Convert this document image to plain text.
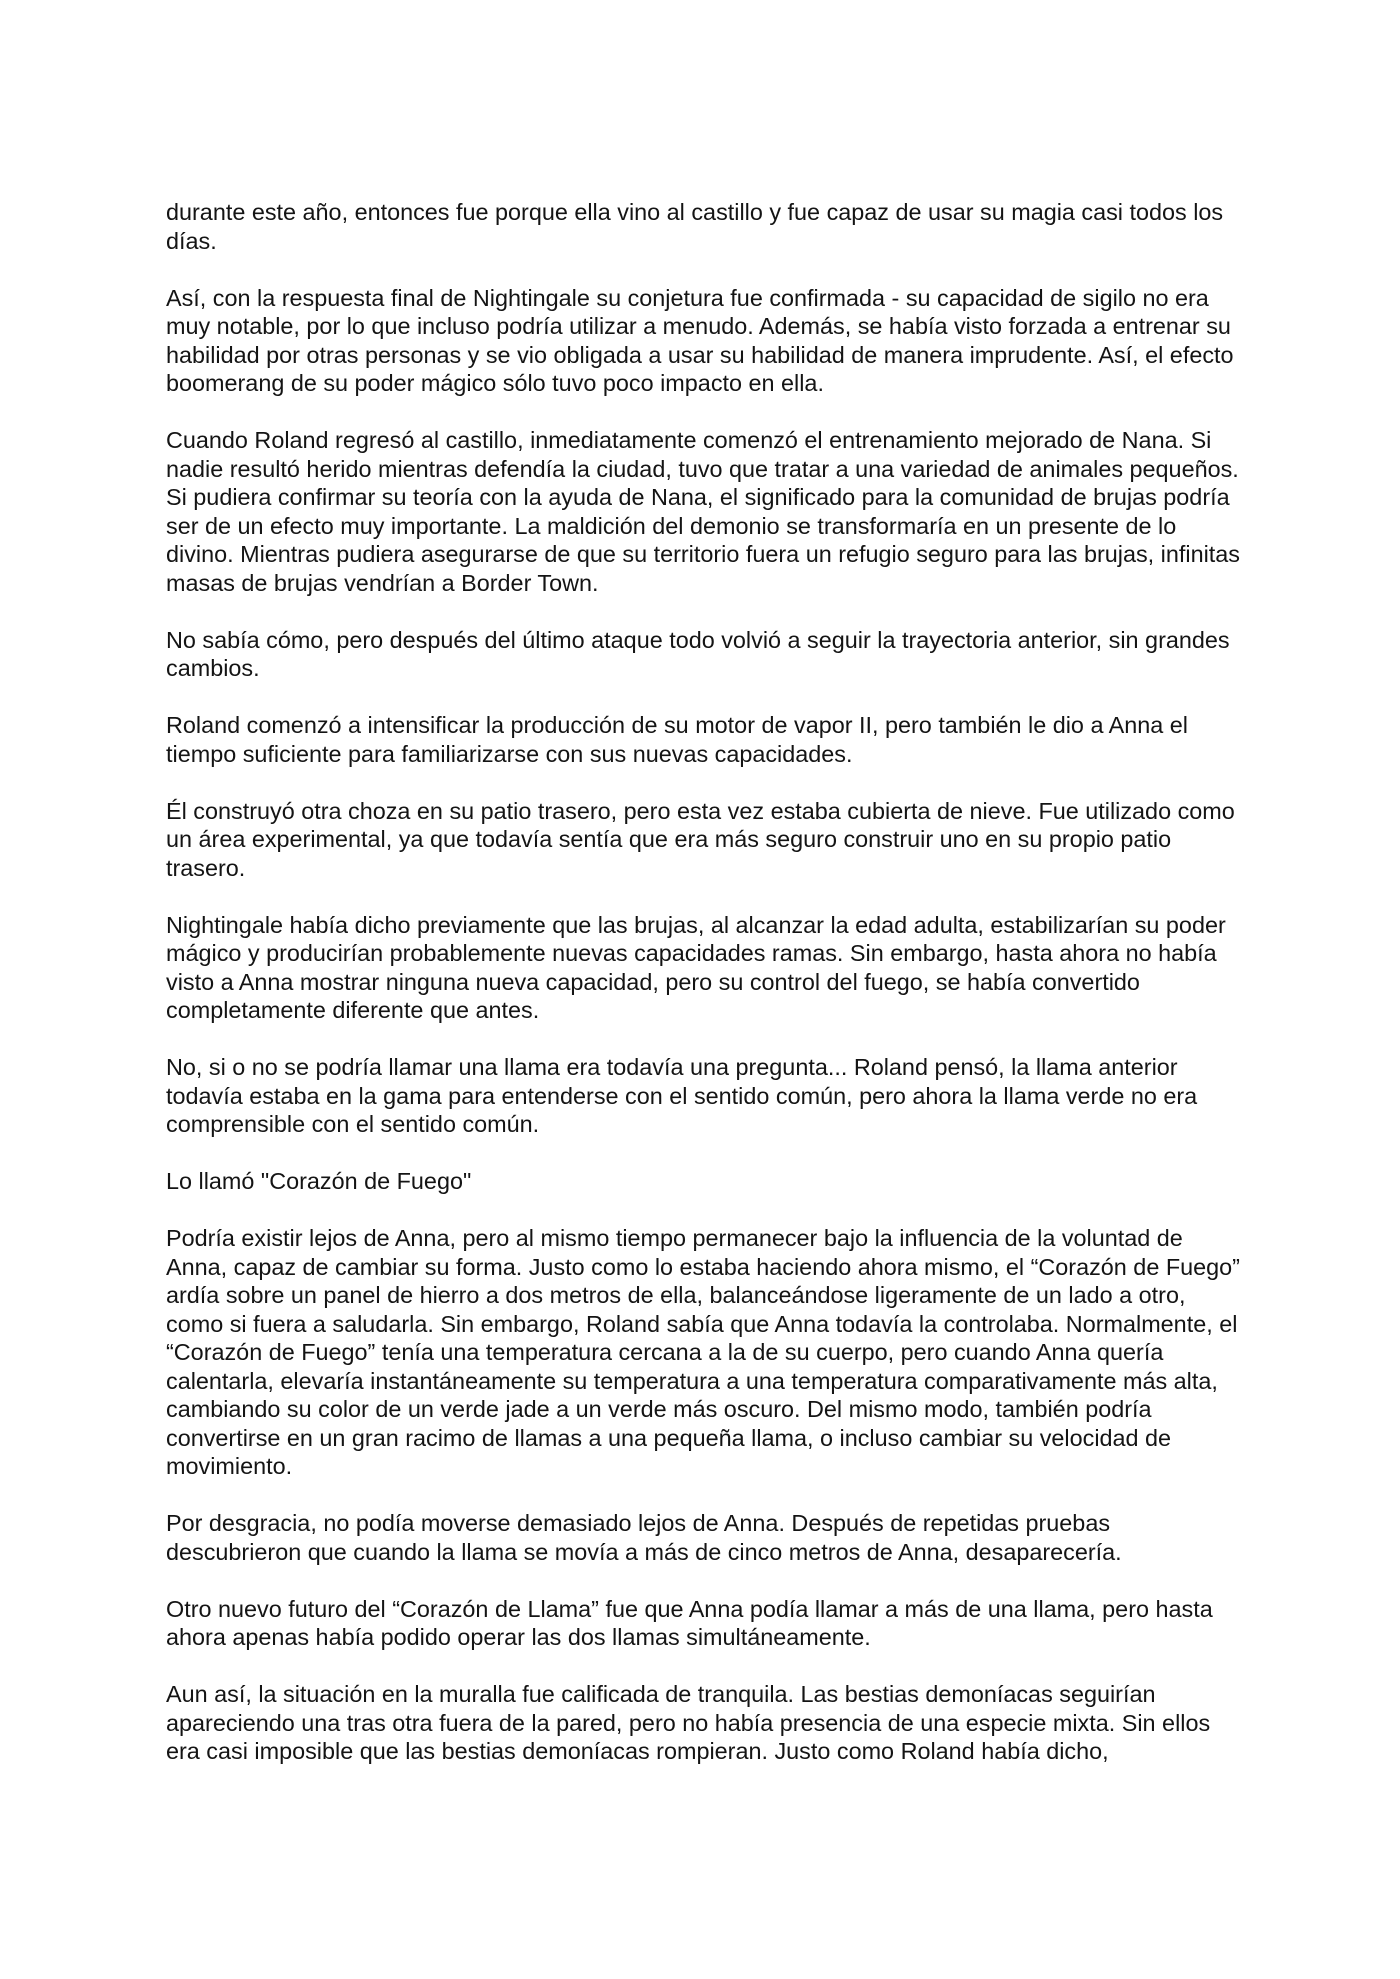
durante este año, entonces fue porque ella vino al castillo y fue capaz de usar su magia casi todos los días.

Así, con la respuesta final de Nightingale su conjetura fue confirmada - su capacidad de sigilo no era muy notable, por lo que incluso podría utilizar a menudo. Además, se había visto forzada a entrenar su habilidad por otras personas y se vio obligada a usar su habilidad de manera imprudente. Así, el efecto boomerang de su poder mágico sólo tuvo poco impacto en ella.

Cuando Roland regresó al castillo, inmediatamente comenzó el entrenamiento mejorado de Nana. Si nadie resultó herido mientras defendía la ciudad, tuvo que tratar a una variedad de animales pequeños. Si pudiera confirmar su teoría con la ayuda de Nana, el significado para la comunidad de brujas podría ser de un efecto muy importante. La maldición del demonio se transformaría en un presente de lo divino. Mientras pudiera asegurarse de que su territorio fuera un refugio seguro para las brujas, infinitas masas de brujas vendrían a Border Town.

No sabía cómo, pero después del último ataque todo volvió a seguir la trayectoria anterior, sin grandes cambios.

Roland comenzó a intensificar la producción de su motor de vapor II, pero también le dio a Anna el tiempo suficiente para familiarizarse con sus nuevas capacidades.

Él construyó otra choza en su patio trasero, pero esta vez estaba cubierta de nieve. Fue utilizado como un área experimental, ya que todavía sentía que era más seguro construir uno en su propio patio trasero.

Nightingale había dicho previamente que las brujas, al alcanzar la edad adulta, estabilizarían su poder mágico y producirían probablemente nuevas capacidades ramas. Sin embargo, hasta ahora no había visto a Anna mostrar ninguna nueva capacidad, pero su control del fuego, se había convertido completamente diferente que antes.

No, si o no se podría llamar una llama era todavía una pregunta... Roland pensó, la llama anterior todavía estaba en la gama para entenderse con el sentido común, pero ahora la llama verde no era comprensible con el sentido común.

Lo llamó "Corazón de Fuego"

Podría existir lejos de Anna, pero al mismo tiempo permanecer bajo la influencia de la voluntad de Anna, capaz de cambiar su forma. Justo como lo estaba haciendo ahora mismo, el “Corazón de Fuego” ardía sobre un panel de hierro a dos metros de ella, balanceándose ligeramente de un lado a otro, como si fuera a saludarla. Sin embargo, Roland sabía que Anna todavía la controlaba. Normalmente, el “Corazón de Fuego” tenía una temperatura cercana a la de su cuerpo, pero cuando Anna quería calentarla, elevaría instantáneamente su temperatura a una temperatura comparativamente más alta, cambiando su color de un verde jade a un verde más oscuro. Del mismo modo, también podría convertirse en un gran racimo de llamas a una pequeña llama, o incluso cambiar su velocidad de movimiento.

Por desgracia, no podía moverse demasiado lejos de Anna. Después de repetidas pruebas descubrieron que cuando la llama se movía a más de cinco metros de Anna, desaparecería.

Otro nuevo futuro del “Corazón de Llama” fue que Anna podía llamar a más de una llama, pero hasta ahora apenas había podido operar las dos llamas simultáneamente.

Aun así, la situación en la muralla fue calificada de tranquila. Las bestias demoníacas seguirían apareciendo una tras otra fuera de la pared, pero no había presencia de una especie mixta. Sin ellos era casi imposible que las bestias demoníacas rompieran. Justo como Roland había dicho,
